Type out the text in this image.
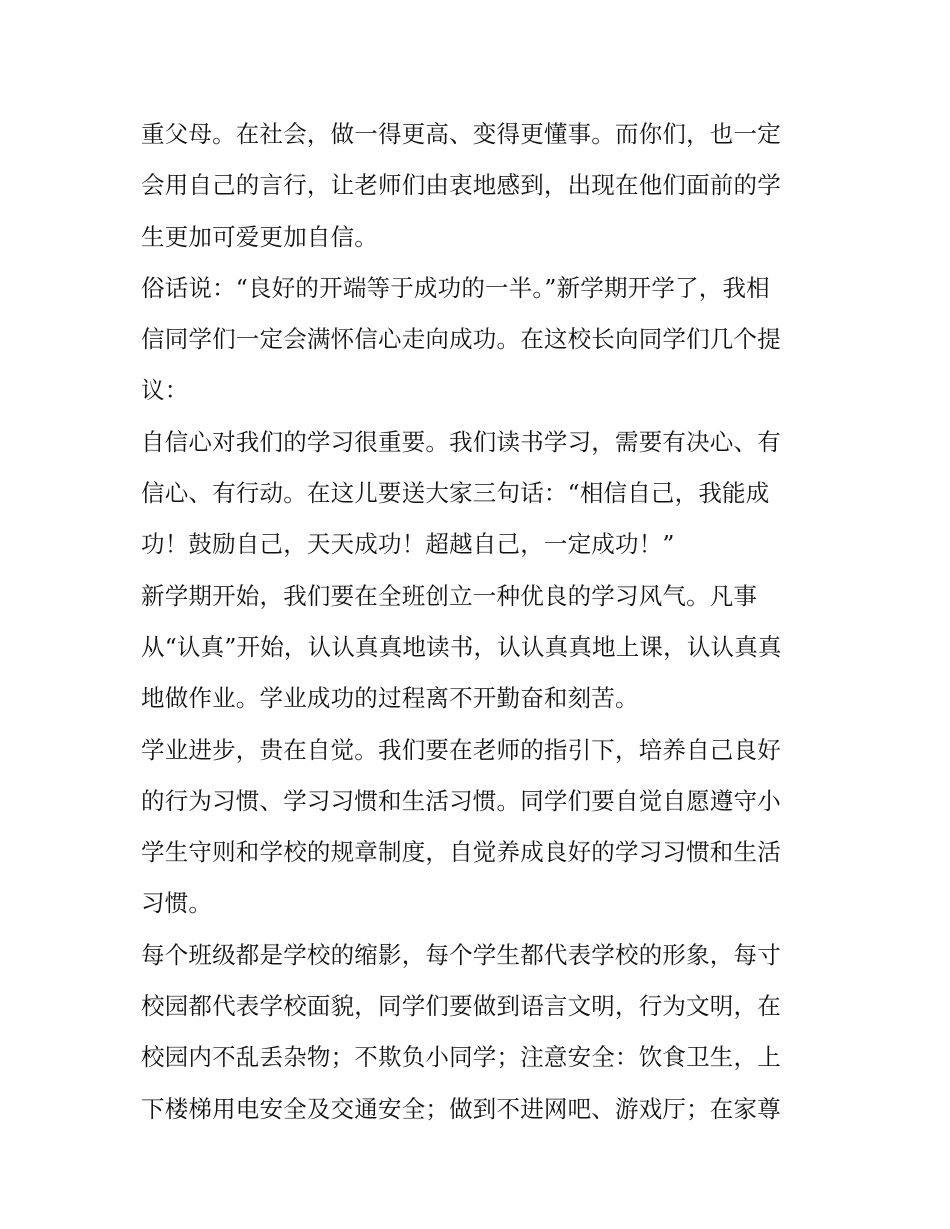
重父母。在社会，做一得更高、变得更懂事。而你们，也一定
会用自己的言行，让老师们由衷地感到，出现在他们面前的学
生更加可爱更加自信。
俗话说：“良好的开端等于成功的一半。”新学期开学了，我相
信同学们一定会满怀信心走向成功。在这校长向同学们几个提
议：
自信心对我们的学习很重要。我们读书学习，需要有决心、有
信心、有行动。在这儿要送大家三句话：“相信自己，我能成
功！鼓励自己，天天成功！超越自己，一定成功！”
新学期开始，我们要在全班创立一种优良的学习风气。凡事
从“认真”开始，认认真真地读书，认认真真地上课，认认真真
地做作业。学业成功的过程离不开勤奋和刻苦。
学业进步，贵在自觉。我们要在老师的指引下，培养自己良好
的行为习惯、学习习惯和生活习惯。同学们要自觉自愿遵守小
学生守则和学校的规章制度，自觉养成良好的学习习惯和生活
习惯。
每个班级都是学校的缩影，每个学生都代表学校的形象，每寸
校园都代表学校面貌，同学们要做到语言文明，行为文明，在
校园内不乱丢杂物；不欺负小同学；注意安全：饮食卫生，上
下楼梯用电安全及交通安全；做到不进网吧、游戏厅；在家尊
